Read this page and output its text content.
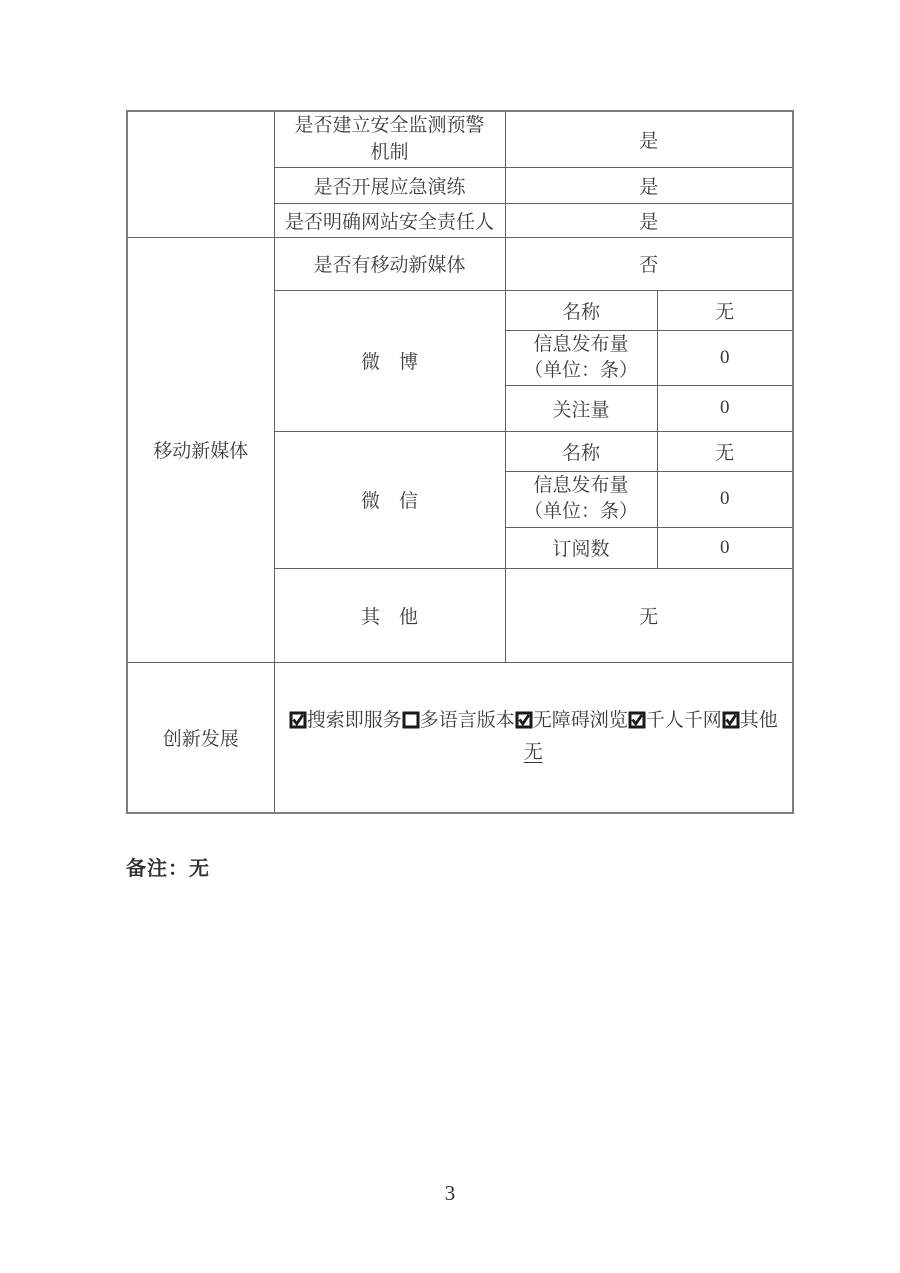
	是否建立安全监测预警
机制	是	
	是否开展应急演练	是	
	是否明确网站安全责任人	是	
移动新媒体	是否有移动新媒体	否	
	微　博	名称	无

		信息发布量
（单位：条）	0
		关注量	0
	微　信	名称	无

		信息发布量
（单位：条）	0
		订阅数	0
	其　他	无	
创新发展	搜索即服务 多语言版本 无障碍浏览 千人千网 其他
无		
备注：无
3
